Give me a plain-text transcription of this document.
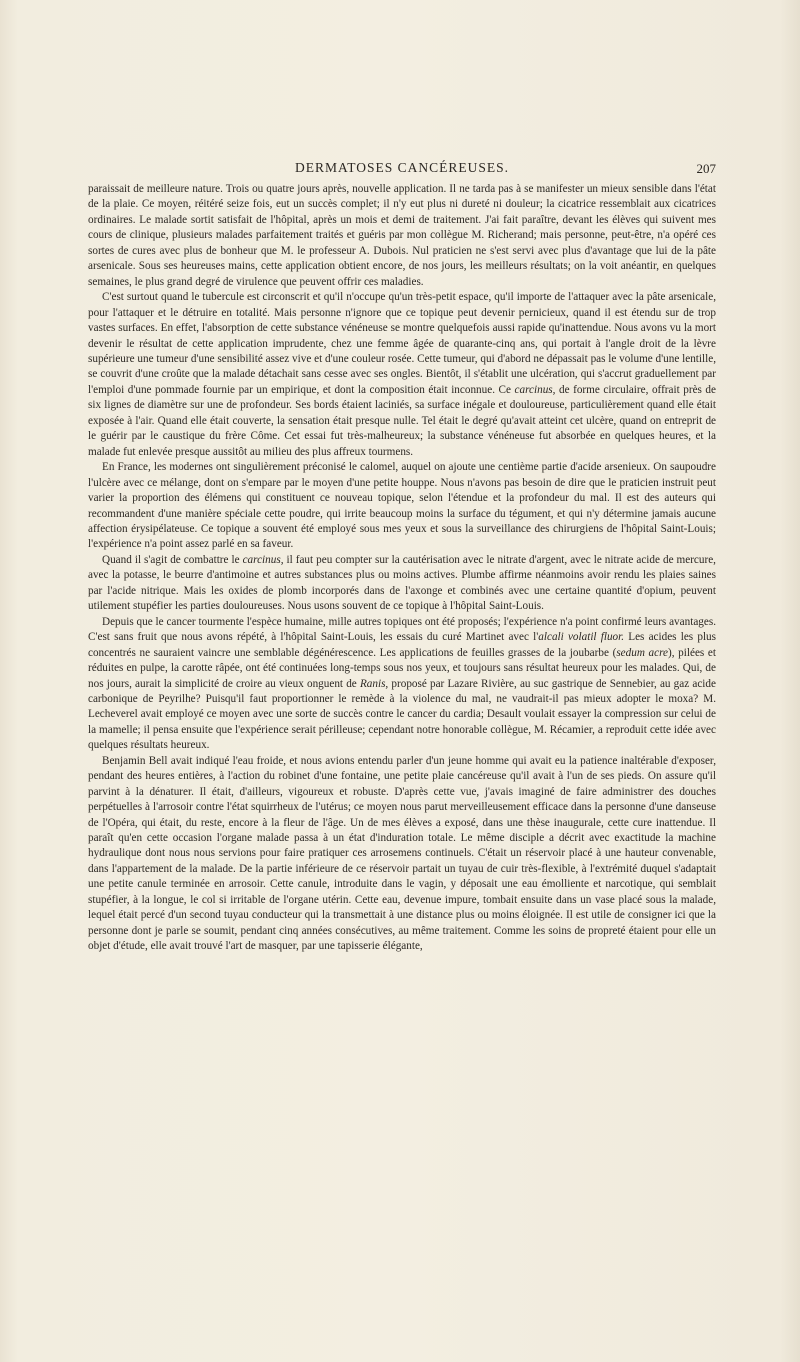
DERMATOSES CANCÉREUSES.	207

paraissait de meilleure nature. Trois ou quatre jours après, nouvelle application. Il ne tarda pas à se manifester un mieux sensible dans l'état de la plaie. Ce moyen, réitéré seize fois, eut un succès complet; il n'y eut plus ni dureté ni douleur; la cicatrice ressemblait aux cicatrices ordinaires. Le malade sortit satisfait de l'hôpital, après un mois et demi de traitement. J'ai fait paraître, devant les élèves qui suivent mes cours de clinique, plusieurs malades parfaitement traités et guéris par mon collègue M. Richerand; mais personne, peut-être, n'a opéré ces sortes de cures avec plus de bonheur que M. le professeur A. Dubois. Nul praticien ne s'est servi avec plus d'avantage que lui de la pâte arsenicale. Sous ses heureuses mains, cette application obtient encore, de nos jours, les meilleurs résultats; on la voit anéantir, en quelques semaines, le plus grand degré de virulence que peuvent offrir ces maladies.

C'est surtout quand le tubercule est circonscrit et qu'il n'occupe qu'un très-petit espace, qu'il importe de l'attaquer avec la pâte arsenicale, pour l'attaquer et le détruire en totalité. Mais personne n'ignore que ce topique peut devenir pernicieux, quand il est étendu sur de trop vastes surfaces. En effet, l'absorption de cette substance vénéneuse se montre quelquefois aussi rapide qu'inattendue. Nous avons vu la mort devenir le résultat de cette application imprudente, chez une femme âgée de quarante-cinq ans, qui portait à l'angle droit de la lèvre supérieure une tumeur d'une sensibilité assez vive et d'une couleur rosée. Cette tumeur, qui d'abord ne dépassait pas le volume d'une lentille, se couvrit d'une croûte que la malade détachait sans cesse avec ses ongles. Bientôt, il s'établit une ulcération, qui s'accrut graduellement par l'emploi d'une pommade fournie par un empirique, et dont la composition était inconnue. Ce carcinus, de forme circulaire, offrait près de six lignes de diamètre sur une de profondeur. Ses bords étaient laciniés, sa surface inégale et douloureuse, particulièrement quand elle était exposée à l'air. Quand elle était couverte, la sensation était presque nulle. Tel était le degré qu'avait atteint cet ulcère, quand on entreprit de le guérir par le caustique du frère Côme. Cet essai fut très-malheureux; la substance vénéneuse fut absorbée en quelques heures, et la malade fut enlevée presque aussitôt au milieu des plus affreux tourmens.

En France, les modernes ont singulièrement préconisé le calomel, auquel on ajoute une centième partie d'acide arsenieux. On saupoudre l'ulcère avec ce mélange, dont on s'empare par le moyen d'une petite houppe. Nous n'avons pas besoin de dire que le praticien instruit peut varier la proportion des élémens qui constituent ce nouveau topique, selon l'étendue et la profondeur du mal. Il est des auteurs qui recommandent d'une manière spéciale cette poudre, qui irrite beaucoup moins la surface du tégument, et qui n'y détermine jamais aucune affection érysipélateuse. Ce topique a souvent été employé sous mes yeux et sous la surveillance des chirurgiens de l'hôpital Saint-Louis; l'expérience n'a point assez parlé en sa faveur.

Quand il s'agit de combattre le carcinus, il faut peu compter sur la cautérisation avec le nitrate d'argent, avec le nitrate acide de mercure, avec la potasse, le beurre d'antimoine et autres substances plus ou moins actives. Plumbe affirme néanmoins avoir rendu les plaies saines par l'acide nitrique. Mais les oxides de plomb incorporés dans de l'axonge et combinés avec une certaine quantité d'opium, peuvent utilement stupéfier les parties douloureuses. Nous usons souvent de ce topique à l'hôpital Saint-Louis.

Depuis que le cancer tourmente l'espèce humaine, mille autres topiques ont été proposés; l'expérience n'a point confirmé leurs avantages. C'est sans fruit que nous avons répété, à l'hôpital Saint-Louis, les essais du curé Martinet avec l'alcali volatil fluor. Les acides les plus concentrés ne sauraient vaincre une semblable dégénérescence. Les applications de feuilles grasses de la joubarbe (sedum acre), pilées et réduites en pulpe, la carotte râpée, ont été continuées long-temps sous nos yeux, et toujours sans résultat heureux pour les malades. Qui, de nos jours, aurait la simplicité de croire au vieux onguent de Ranis, proposé par Lazare Rivière, au suc gastrique de Sennebier, au gaz acide carbonique de Peyrilhe? Puisqu'il faut proportionner le remède à la violence du mal, ne vaudrait-il pas mieux adopter le moxa? M. Lecheverel avait employé ce moyen avec une sorte de succès contre le cancer du cardia; Desault voulait essayer la compression sur celui de la mamelle; il pensa ensuite que l'expérience serait périlleuse; cependant notre honorable collègue, M. Récamier, a reproduit cette idée avec quelques résultats heureux.

Benjamin Bell avait indiqué l'eau froide, et nous avions entendu parler d'un jeune homme qui avait eu la patience inaltérable d'exposer, pendant des heures entières, à l'action du robinet d'une fontaine, une petite plaie cancéreuse qu'il avait à l'un de ses pieds. On assure qu'il parvint à la dénaturer. Il était, d'ailleurs, vigoureux et robuste. D'après cette vue, j'avais imaginé de faire administrer des douches perpétuelles à l'arrosoir contre l'état squirrheux de l'utérus; ce moyen nous parut merveilleusement efficace dans la personne d'une danseuse de l'Opéra, qui était, du reste, encore à la fleur de l'âge. Un de mes élèves a exposé, dans une thèse inaugurale, cette cure inattendue. Il paraît qu'en cette occasion l'organe malade passa à un état d'induration totale. Le même disciple a décrit avec exactitude la machine hydraulique dont nous nous servions pour faire pratiquer ces arrosemens continuels. C'était un réservoir placé à une hauteur convenable, dans l'appartement de la malade. De la partie inférieure de ce réservoir partait un tuyau de cuir très-flexible, à l'extrémité duquel s'adaptait une petite canule terminée en arrosoir. Cette canule, introduite dans le vagin, y déposait une eau émolliente et narcotique, qui semblait stupéfier, à la longue, le col si irritable de l'organe utérin. Cette eau, devenue impure, tombait ensuite dans un vase placé sous la malade, lequel était percé d'un second tuyau conducteur qui la transmettait à une distance plus ou moins éloignée. Il est utile de consigner ici que la personne dont je parle se soumit, pendant cinq années consécutives, au même traitement. Comme les soins de propreté étaient pour elle un objet d'étude, elle avait trouvé l'art de masquer, par une tapisserie élégante,
